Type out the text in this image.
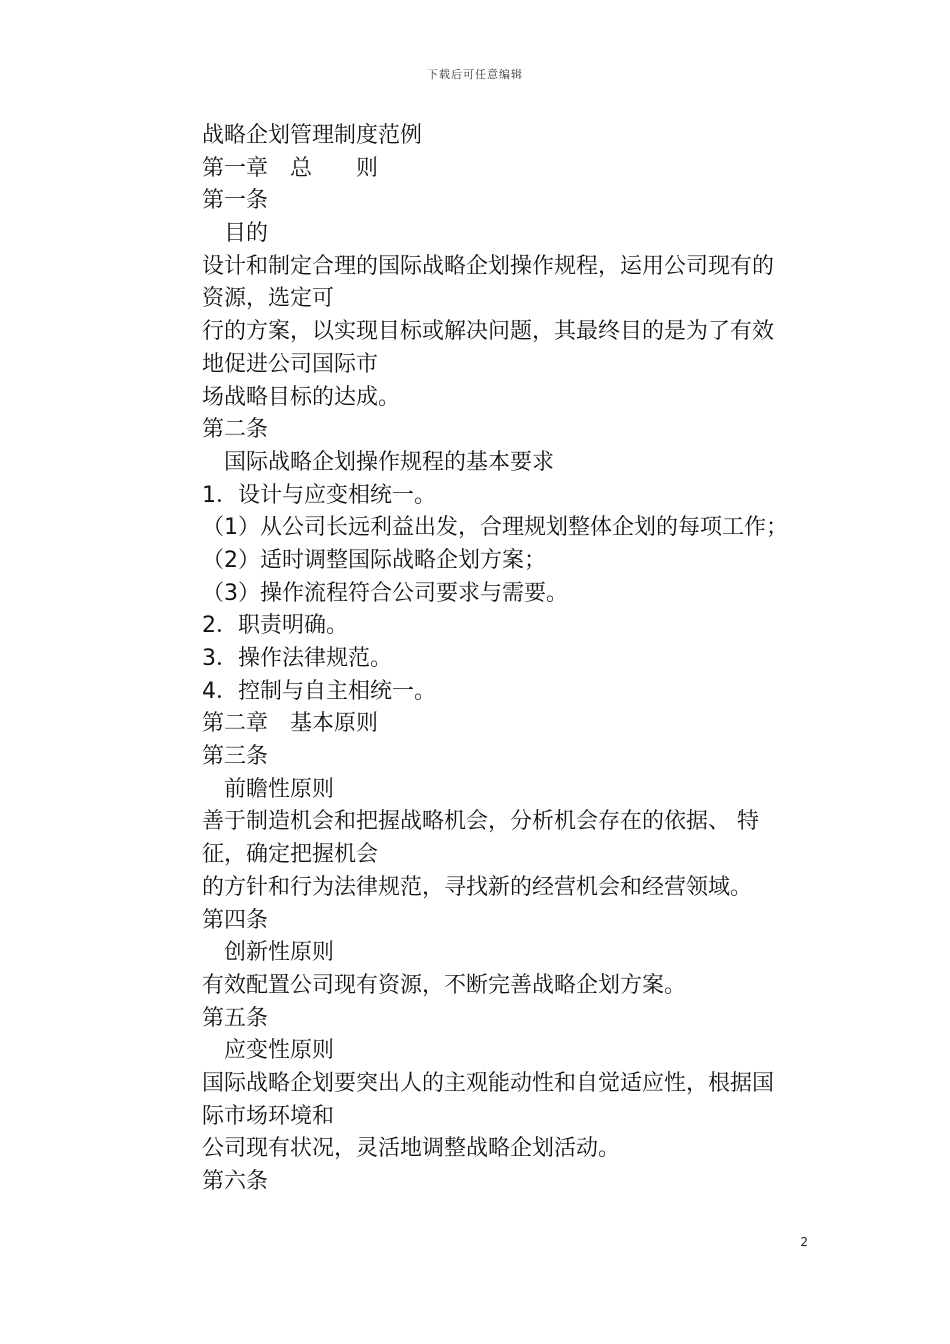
下载后可任意编辑
战略企划管理制度范例
第一章　总　　则
第一条
　目的
设计和制定合理的国际战略企划操作规程，运用公司现有的
资源，选定可
行的方案，以实现目标或解决问题，其最终目的是为了有效
地促进公司国际市
场战略目标的达成。
第二条
　国际战略企划操作规程的基本要求
1．设计与应变相统一。
（1）从公司长远利益出发，合理规划整体企划的每项工作；
（2）适时调整国际战略企划方案；
（3）操作流程符合公司要求与需要。
2．职责明确。
3．操作法律规范。
4．控制与自主相统一。
第二章　基本原则
第三条
　前瞻性原则
善于制造机会和把握战略机会，分析机会存在的依据、 特
征，确定把握机会
的方针和行为法律规范，寻找新的经营机会和经营领域。
第四条
　创新性原则
有效配置公司现有资源，不断完善战略企划方案。
第五条
　应变性原则
国际战略企划要突出人的主观能动性和自觉适应性，根据国
际市场环境和
公司现有状况，灵活地调整战略企划活动。
第六条
2
